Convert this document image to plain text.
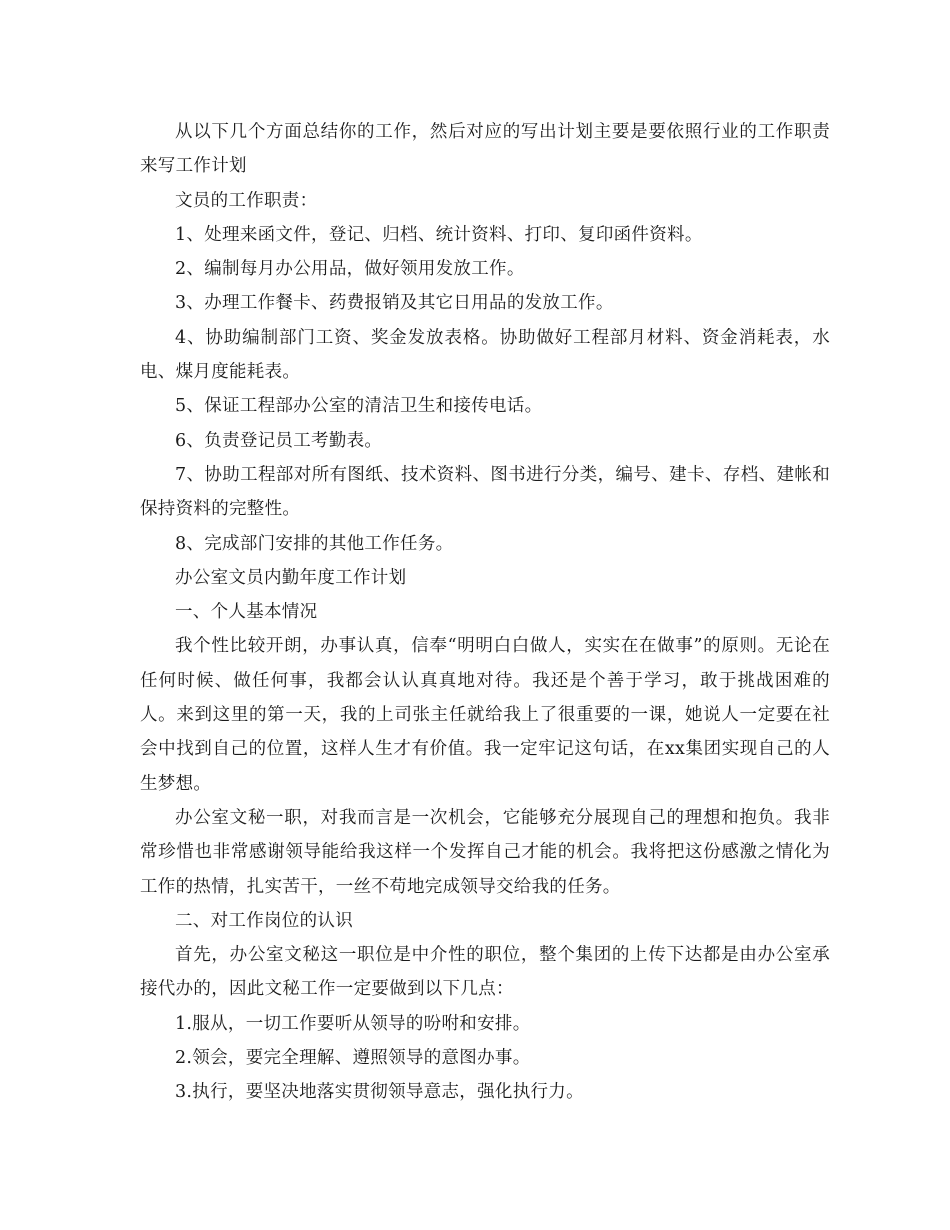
从以下几个方面总结你的工作，然后对应的写出计划主要是要依照行业的工作职责来写工作计划

文员的工作职责：

1、处理来函文件，登记、归档、统计资料、打印、复印函件资料。

2、编制每月办公用品，做好领用发放工作。

3、办理工作餐卡、药费报销及其它日用品的发放工作。

4、协助编制部门工资、奖金发放表格。协助做好工程部月材料、资金消耗表，水电、煤月度能耗表。

5、保证工程部办公室的清洁卫生和接传电话。

6、负责登记员工考勤表。

7、协助工程部对所有图纸、技术资料、图书进行分类，编号、建卡、存档、建帐和保持资料的完整性。

8、完成部门安排的其他工作任务。

办公室文员内勤年度工作计划

一、个人基本情况

我个性比较开朗，办事认真，信奉“明明白白做人，实实在在做事”的原则。无论在任何时候、做任何事，我都会认认真真地对待。我还是个善于学习，敢于挑战困难的人。来到这里的第一天，我的上司张主任就给我上了很重要的一课，她说人一定要在社会中找到自己的位置，这样人生才有价值。我一定牢记这句话，在xx集团实现自己的人生梦想。

办公室文秘一职，对我而言是一次机会，它能够充分展现自己的理想和抱负。我非常珍惜也非常感谢领导能给我这样一个发挥自己才能的机会。我将把这份感激之情化为工作的热情，扎实苦干，一丝不苟地完成领导交给我的任务。

二、对工作岗位的认识

首先，办公室文秘这一职位是中介性的职位，整个集团的上传下达都是由办公室承接代办的，因此文秘工作一定要做到以下几点：

1.服从，一切工作要听从领导的吩咐和安排。

2.领会，要完全理解、遵照领导的意图办事。

3.执行，要坚决地落实贯彻领导意志，强化执行力。
